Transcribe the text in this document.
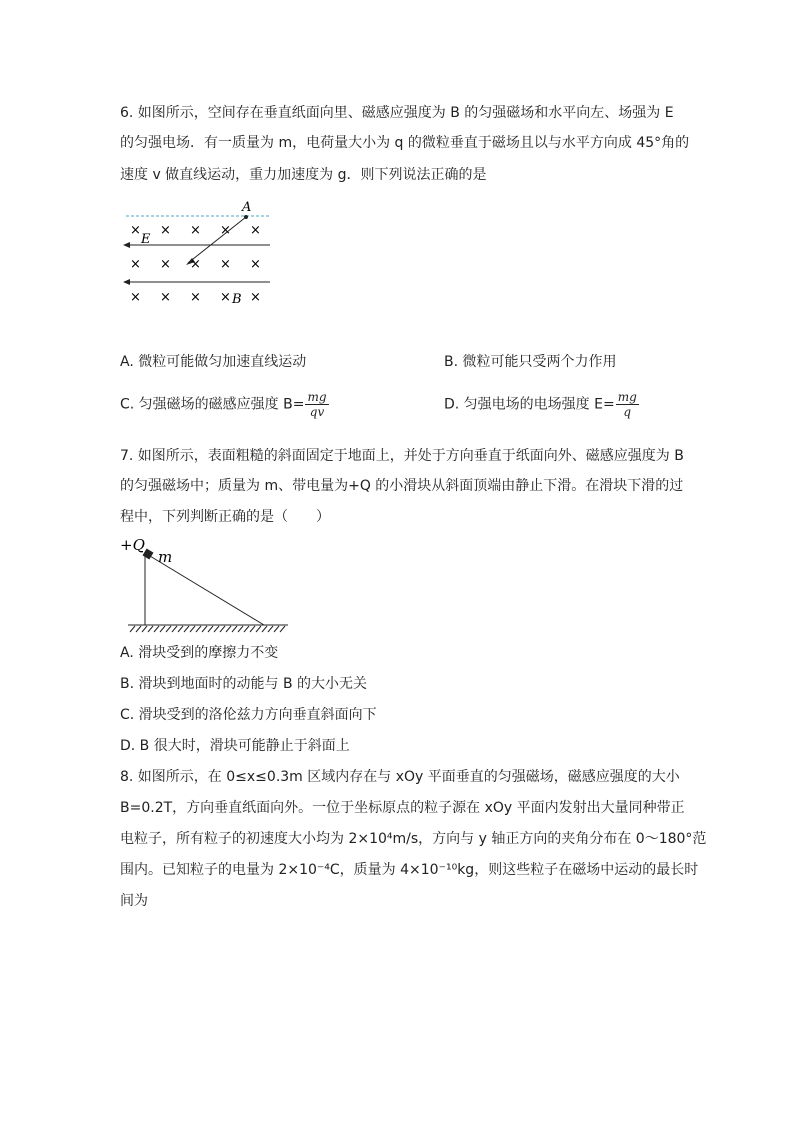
6. 如图所示，空间存在垂直纸面向里、磁感应强度为 B 的匀强磁场和水平向左、场强为 E
的匀强电场．有一质量为 m，电荷量大小为 q 的微粒垂直于磁场且以与水平方向成 45°角的
速度 v 做直线运动，重力加速度为 g．则下列说法正确的是
A
E
B
× × × × ×
× × × × ×
× × × × ×
A. 微粒可能做匀加速直线运动	B. 微粒可能只受两个力作用
C. 匀强磁场的磁感应强度 $B= \frac{mg}{qv}$	D. 匀强电场的电场强度 $E= \frac{mg}{q}$
7. 如图所示，表面粗糙的斜面固定于地面上，并处于方向垂直于纸面向外、磁感应强度为 B
的匀强磁场中；质量为 m、带电量为+Q 的小滑块从斜面顶端由静止下滑。在滑块下滑的过
程中，下列判断正确的是（　　）
+Q
m
A. 滑块受到的摩擦力不变
B. 滑块到地面时的动能与 B 的大小无关
C. 滑块受到的洛伦兹力方向垂直斜面向下
D. B 很大时，滑块可能静止于斜面上
8. 如图所示，在 0≤x≤0.3m 区域内存在与 xOy 平面垂直的匀强磁场，磁感应强度的大小
B=0.2T，方向垂直纸面向外。一位于坐标原点的粒子源在 xOy 平面内发射出大量同种带正
电粒子，所有粒子的初速度大小均为 2×10⁴m/s，方向与 y 轴正方向的夹角分布在 0～180°范
围内。已知粒子的电量为 2×10⁻⁴C，质量为 4×10⁻¹⁰kg，则这些粒子在磁场中运动的最长时
间为
